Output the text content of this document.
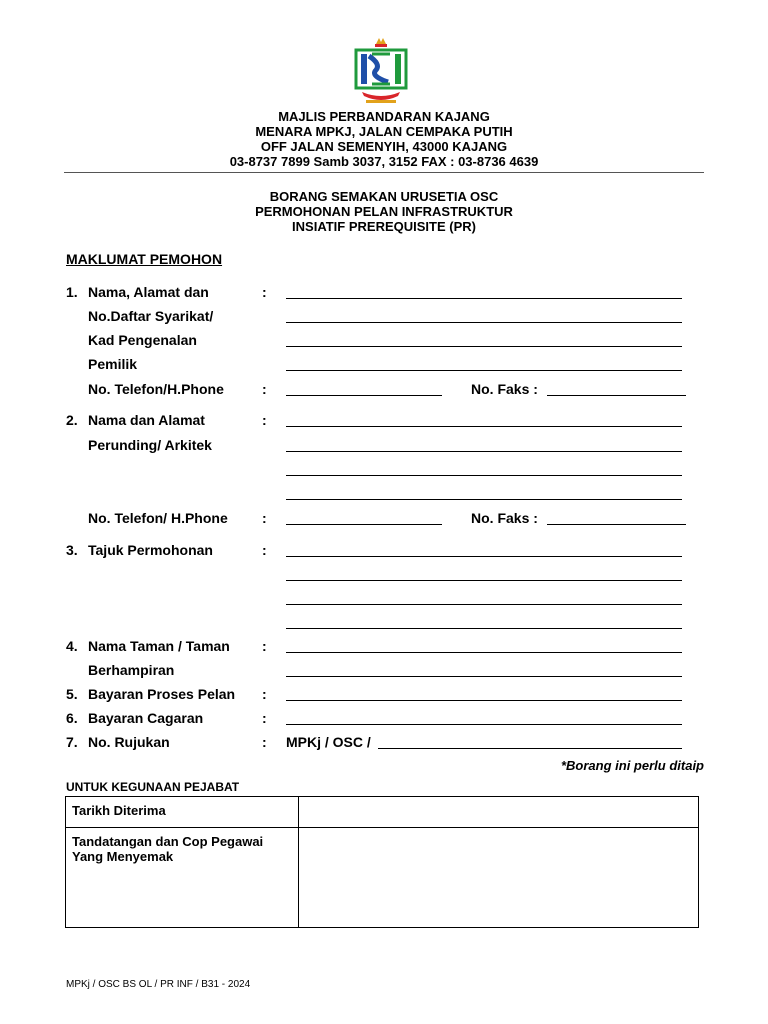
MAJLIS PERBANDARAN KAJANG
MENARA MPKJ, JALAN CEMPAKA PUTIH
OFF JALAN SEMENYIH, 43000 KAJANG
03-8737 7899 Samb 3037, 3152 FAX : 03-8736 4639
BORANG SEMAKAN URUSETIA OSC
PERMOHONAN PELAN INFRASTRUKTUR
INSIATIF PREREQUISITE (PR)
MAKLUMAT PEMOHON
1. Nama, Alamat dan	:
No.Daftar Syarikat/
Kad Pengenalan
Pemilik
No. Telefon/H.Phone	:	No. Faks :
2. Nama dan Alamat	:
Perunding/ Arkitek
No. Telefon/ H.Phone :	No. Faks :
3. Tajuk Permohonan	:
4. Nama Taman / Taman :
Berhampiran
5. Bayaran Proses Pelan :
6. Bayaran Cagaran	:
7. No. Rujukan	: MPKj / OSC /
*Borang ini perlu ditaip
UNTUK KEGUNAAN PEJABAT
Tarikh Diterima	
Tandatangan dan Cop Pegawai Yang Menyemak	
MPKj / OSC BS OL / PR INF / B31 - 2024
